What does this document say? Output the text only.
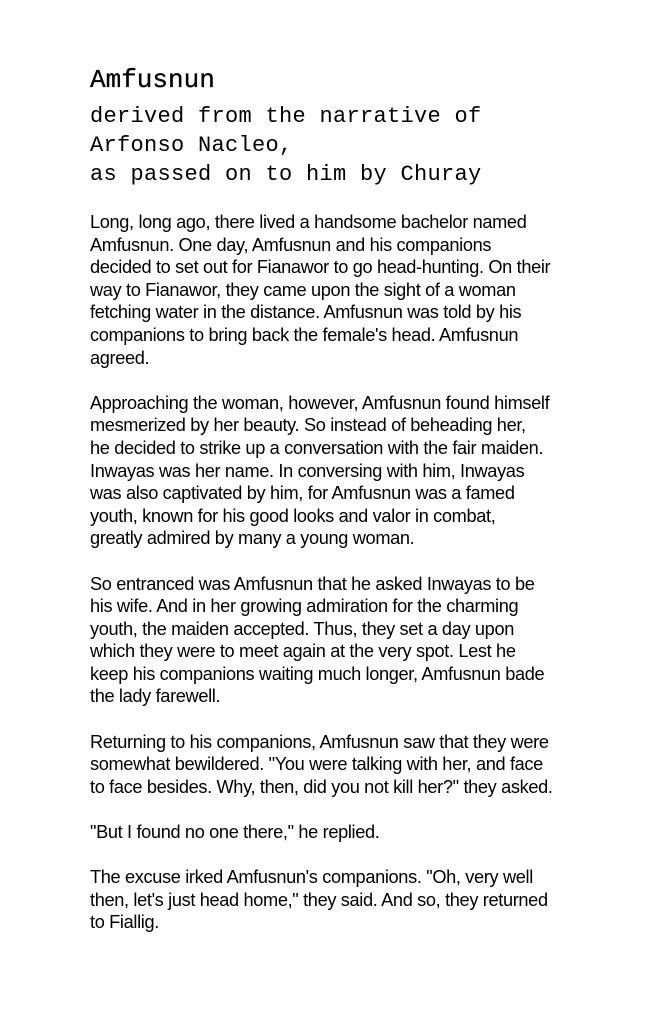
Amfusnun
derived from the narrative of
Arfonso Nacleo,
as passed on to him by Churay

Long, long ago, there lived a handsome bachelor named
Amfusnun. One day, Amfusnun and his companions
decided to set out for Fianawor to go head-hunting. On their
way to Fianawor, they came upon the sight of a woman
fetching water in the distance. Amfusnun was told by his
companions to bring back the female's head. Amfusnun
agreed.

Approaching the woman, however, Amfusnun found himself
mesmerized by her beauty. So instead of beheading her,
he decided to strike up a conversation with the fair maiden.
Inwayas was her name. In conversing with him, Inwayas
was also captivated by him, for Amfusnun was a famed
youth, known for his good looks and valor in combat,
greatly admired by many a young woman.

So entranced was Amfusnun that he asked Inwayas to be
his wife. And in her growing admiration for the charming
youth, the maiden accepted. Thus, they set a day upon
which they were to meet again at the very spot. Lest he
keep his companions waiting much longer, Amfusnun bade
the lady farewell.

Returning to his companions, Amfusnun saw that they were
somewhat bewildered. "You were talking with her, and face
to face besides. Why, then, did you not kill her?" they asked.

"But I found no one there," he replied.

The excuse irked Amfusnun's companions. "Oh, very well
then, let's just head home," they said. And so, they returned
to Fiallig.
